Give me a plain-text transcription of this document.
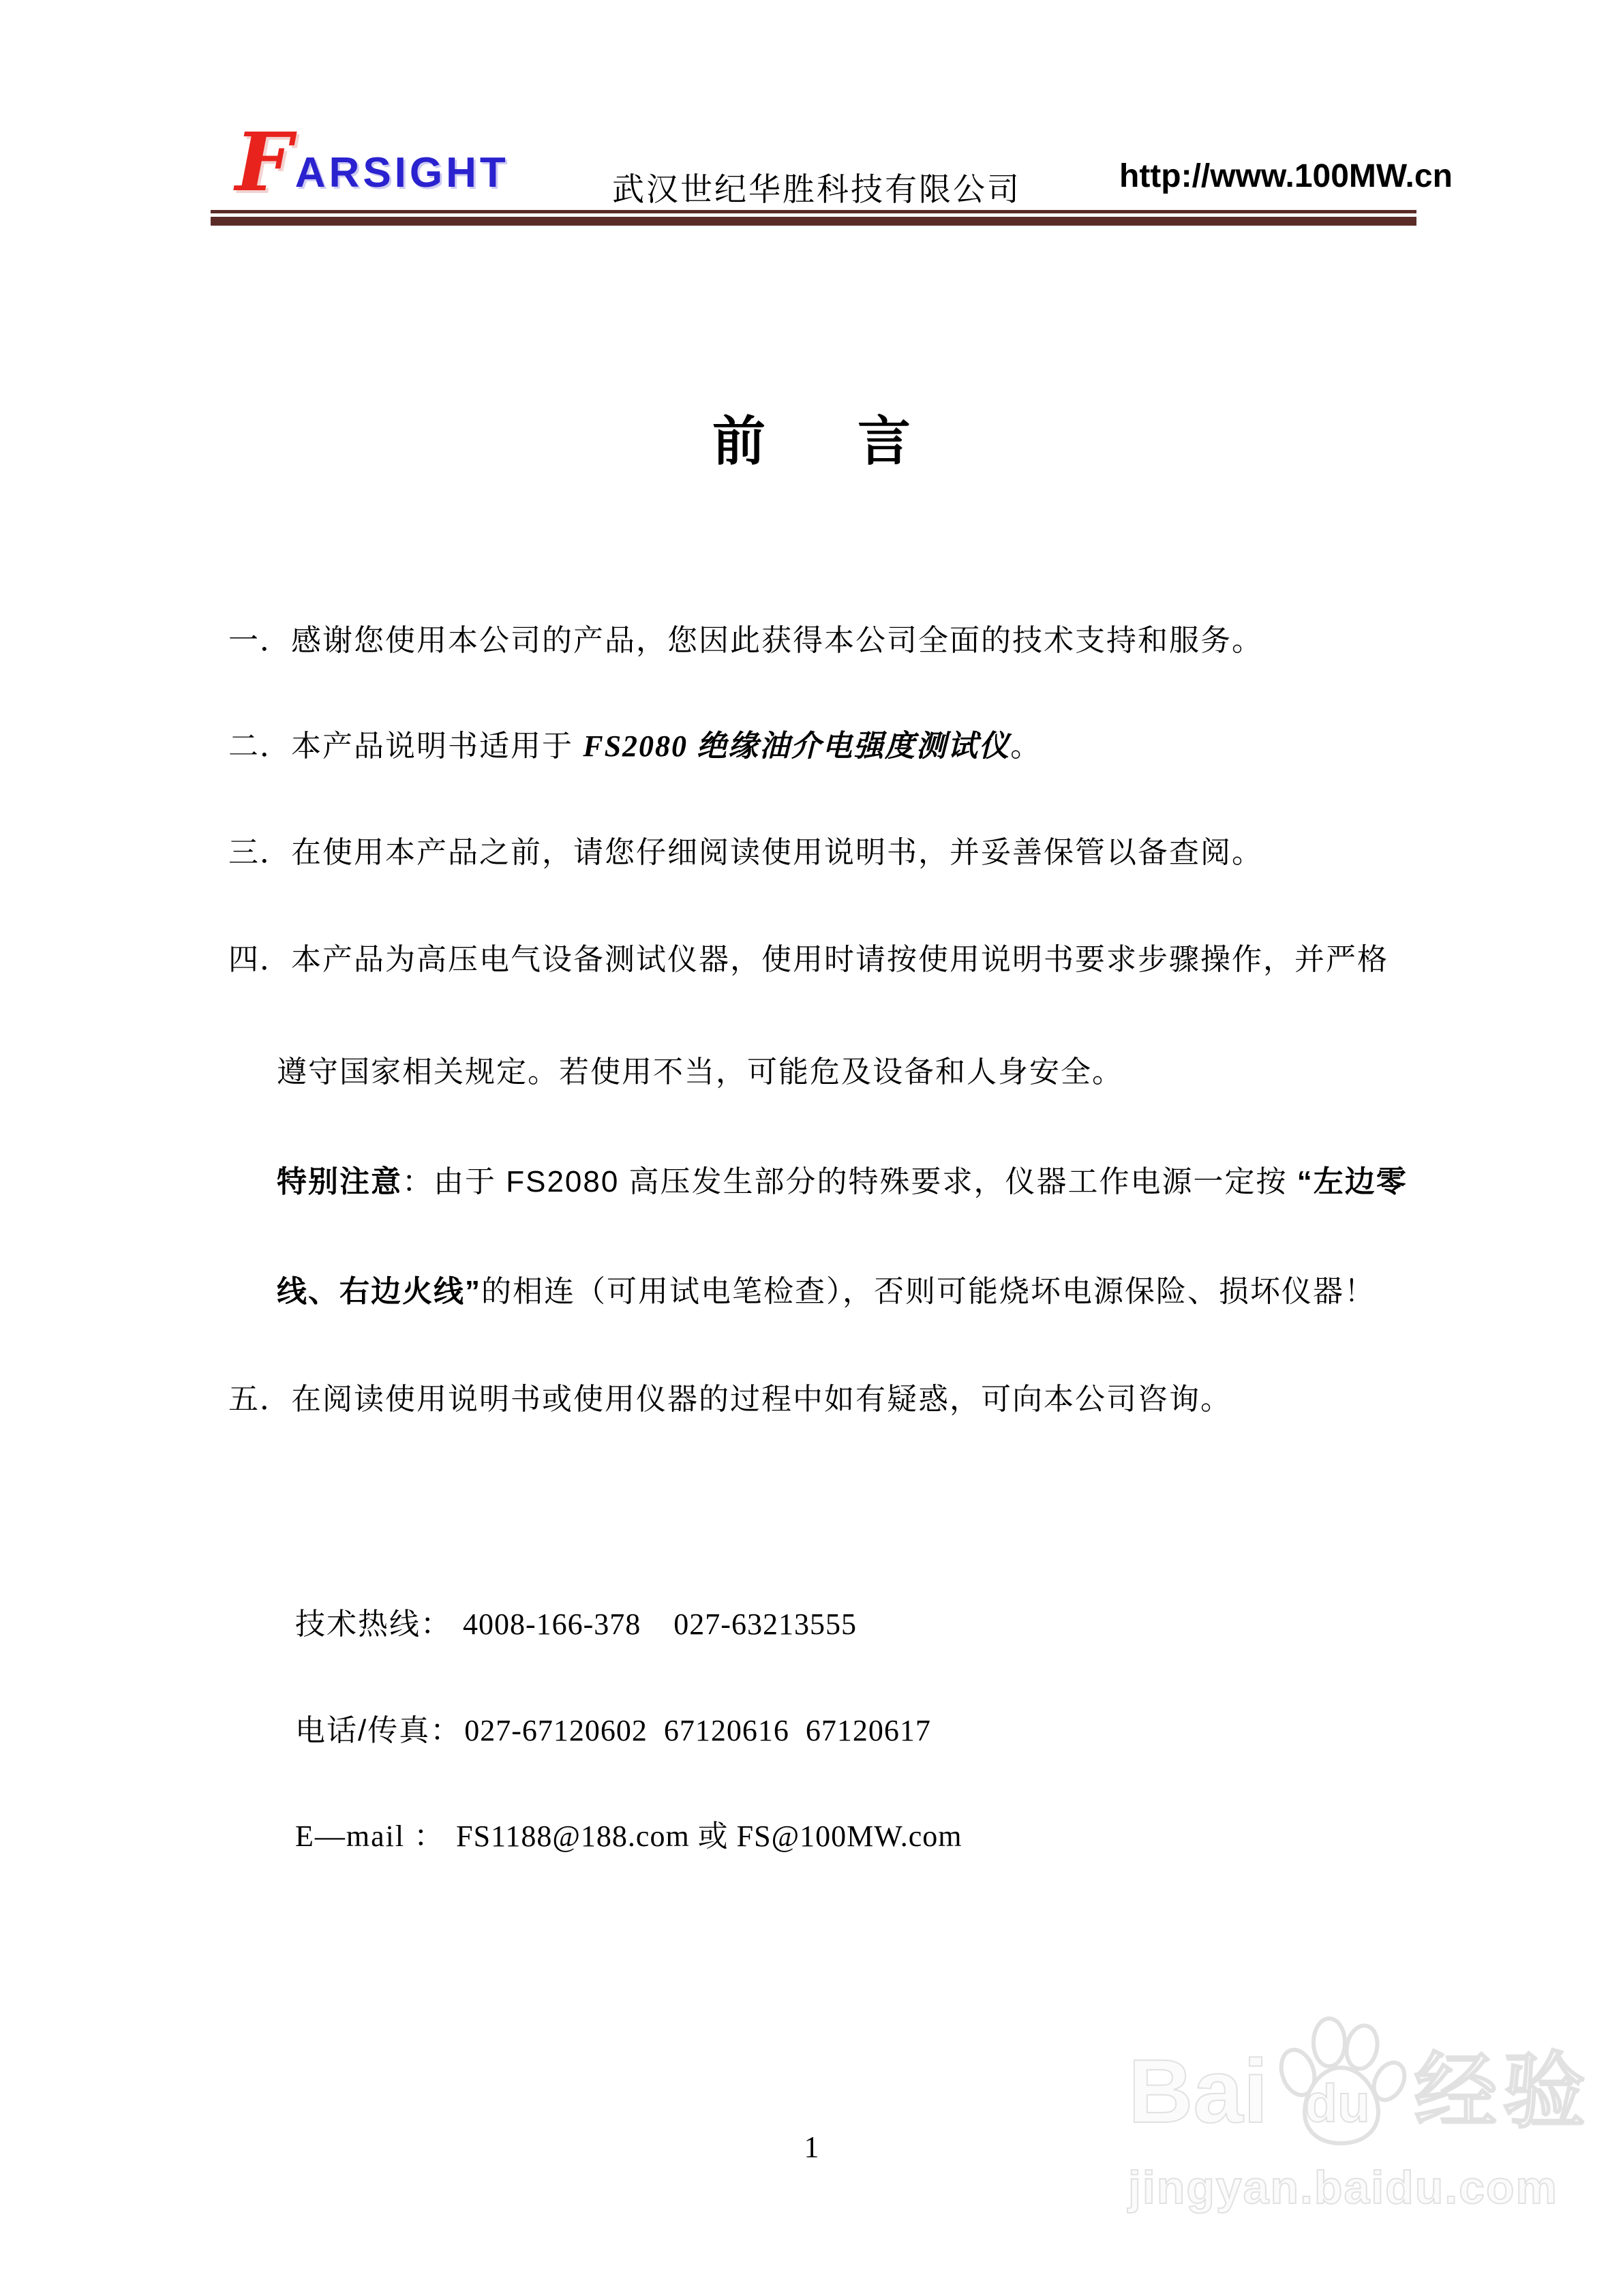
F ARSIGHT	武汉世纪华胜科技有限公司	http://www.100MW.cn
前 言
一．感谢您使用本公司的产品，您因此获得本公司全面的技术支持和服务。
二．本产品说明书适用于 FS2080 绝缘油介电强度测试仪。
三．在使用本产品之前，请您仔细阅读使用说明书，并妥善保管以备查阅。
四．本产品为高压电气设备测试仪器，使用时请按使用说明书要求步骤操作，并严格
遵守国家相关规定。若使用不当，可能危及设备和人身安全。
特别注意：由于 FS2080 高压发生部分的特殊要求，仪器工作电源一定按 “左边零
线、右边火线”的相连（可用试电笔检查），否则可能烧坏电源保险、损坏仪器！
五．在阅读使用说明书或使用仪器的过程中如有疑惑，可向本公司咨询。
技术热线： 4008-166-378    027-63213555
电话/传真：027-67120602  67120616  67120617
E—mail ： FS1188@188.com 或 FS@100MW.com
1
Bai du 经验
jingyan.baidu.com
